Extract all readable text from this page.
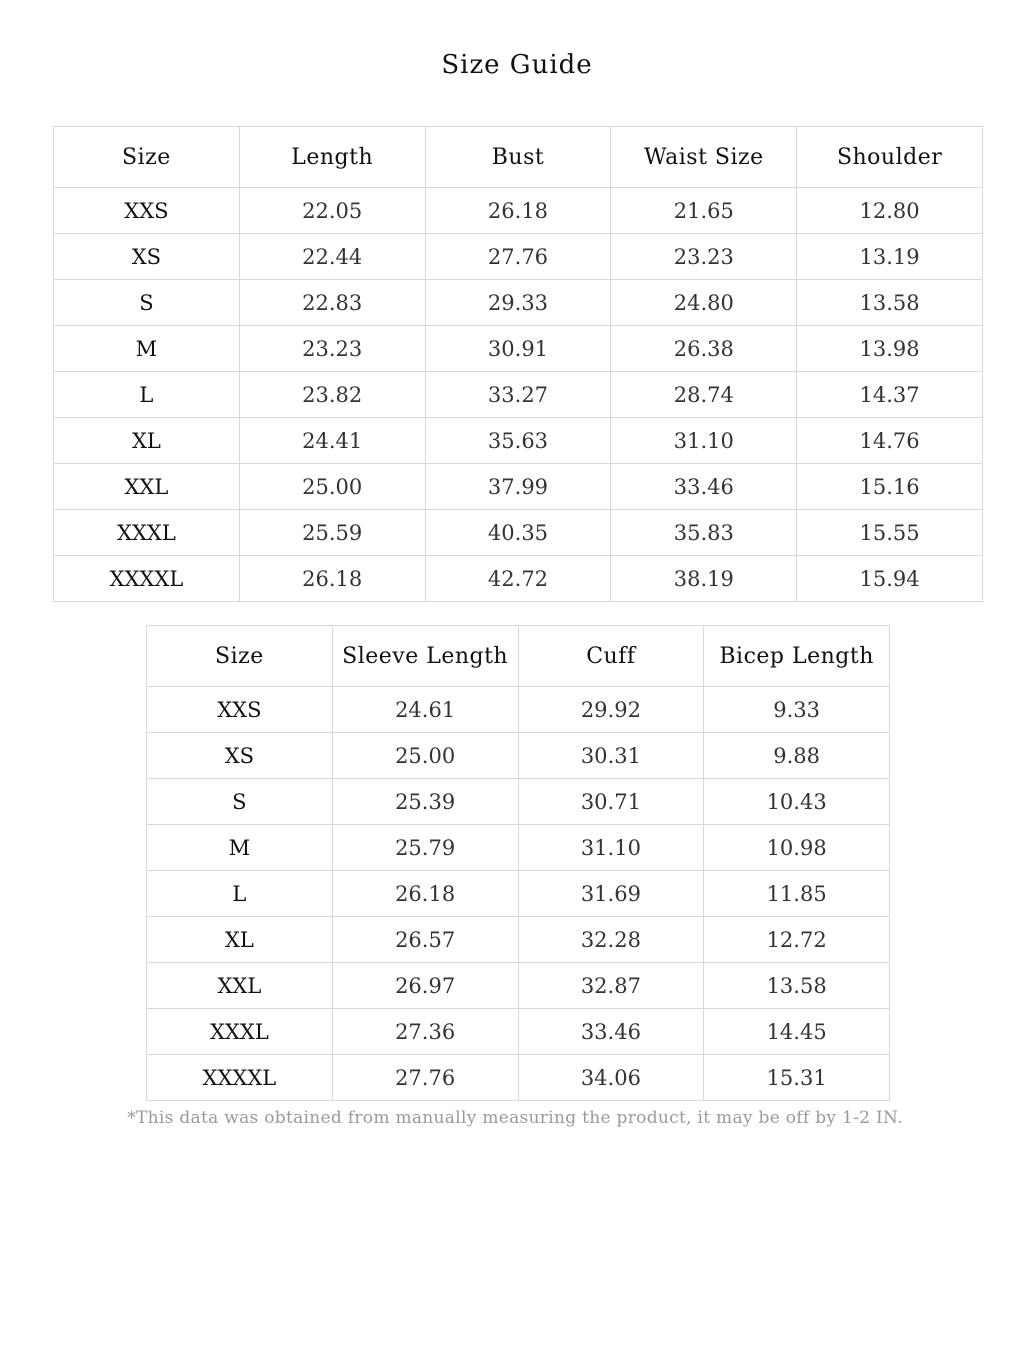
Size Guide
Size	Length	Bust	Waist Size	Shoulder
XXS	22.05	26.18	21.65	12.80
XS	22.44	27.76	23.23	13.19
S	22.83	29.33	24.80	13.58
M	23.23	30.91	26.38	13.98
L	23.82	33.27	28.74	14.37
XL	24.41	35.63	31.10	14.76
XXL	25.00	37.99	33.46	15.16
XXXL	25.59	40.35	35.83	15.55
XXXXL	26.18	42.72	38.19	15.94
Size	Sleeve Length	Cuff	Bicep Length
XXS	24.61	29.92	9.33
XS	25.00	30.31	9.88
S	25.39	30.71	10.43
M	25.79	31.10	10.98
L	26.18	31.69	11.85
XL	26.57	32.28	12.72
XXL	26.97	32.87	13.58
XXXL	27.36	33.46	14.45
XXXXL	27.76	34.06	15.31
*This data was obtained from manually measuring the product, it may be off by 1-2 IN.
